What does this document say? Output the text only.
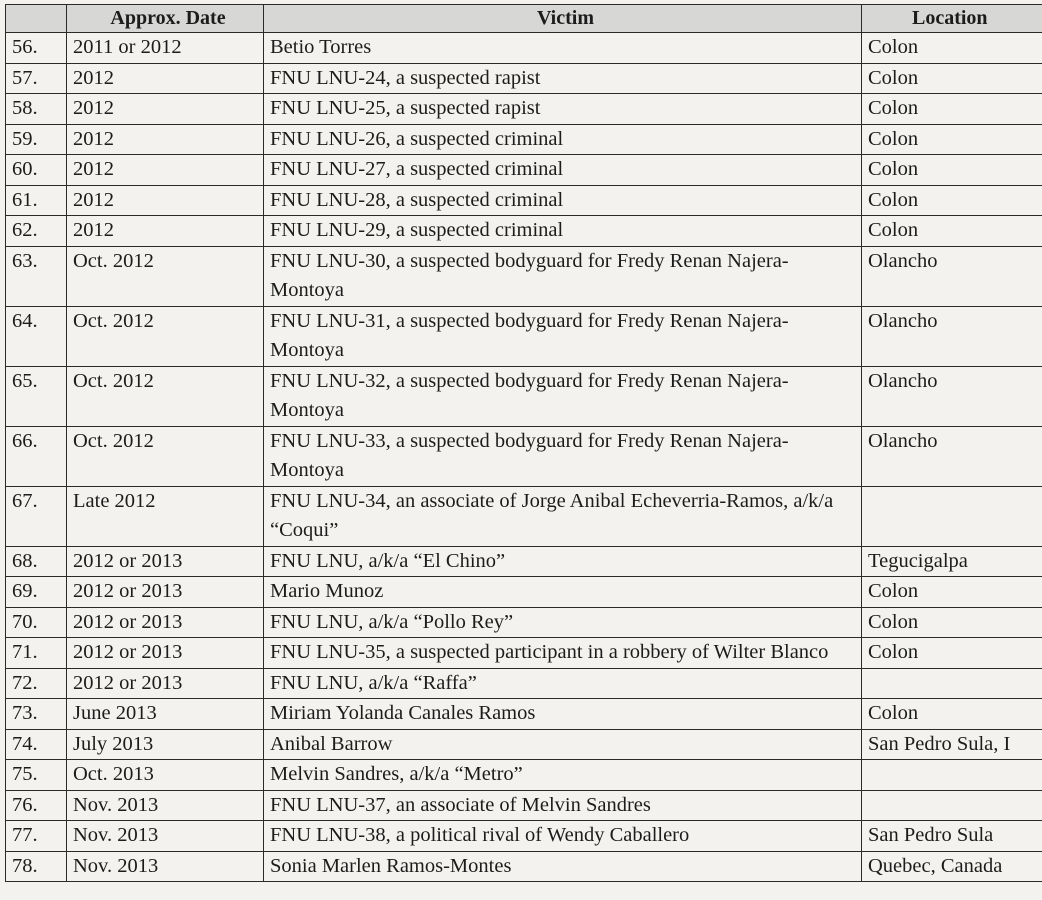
	Approx. Date	Victim	Location
56.	2011 or 2012	Betio Torres	Colon
57.	2012	FNU LNU-24, a suspected rapist	Colon
58.	2012	FNU LNU-25, a suspected rapist	Colon
59.	2012	FNU LNU-26, a suspected criminal	Colon
60.	2012	FNU LNU-27, a suspected criminal	Colon
61.	2012	FNU LNU-28, a suspected criminal	Colon
62.	2012	FNU LNU-29, a suspected criminal	Colon
63.	Oct. 2012	FNU LNU-30, a suspected bodyguard for Fredy Renan Najera-Montoya	Olancho
64.	Oct. 2012	FNU LNU-31, a suspected bodyguard for Fredy Renan Najera-Montoya	Olancho
65.	Oct. 2012	FNU LNU-32, a suspected bodyguard for Fredy Renan Najera-Montoya	Olancho
66.	Oct. 2012	FNU LNU-33, a suspected bodyguard for Fredy Renan Najera-Montoya	Olancho
67.	Late 2012	FNU LNU-34, an associate of Jorge Anibal Echeverria-Ramos, a/k/a “Coqui”	
68.	2012 or 2013	FNU LNU, a/k/a “El Chino”	Tegucigalpa
69.	2012 or 2013	Mario Munoz	Colon
70.	2012 or 2013	FNU LNU, a/k/a “Pollo Rey”	Colon
71.	2012 or 2013	FNU LNU-35, a suspected participant in a robbery of Wilter Blanco	Colon
72.	2012 or 2013	FNU LNU, a/k/a “Raffa”	
73.	June 2013	Miriam Yolanda Canales Ramos	Colon
74.	July 2013	Anibal Barrow	San Pedro Sula, I
75.	Oct. 2013	Melvin Sandres, a/k/a “Metro”	
76.	Nov. 2013	FNU LNU-37, an associate of Melvin Sandres	
77.	Nov. 2013	FNU LNU-38, a political rival of Wendy Caballero	San Pedro Sula
78.	Nov. 2013	Sonia Marlen Ramos-Montes	Quebec, Canada
